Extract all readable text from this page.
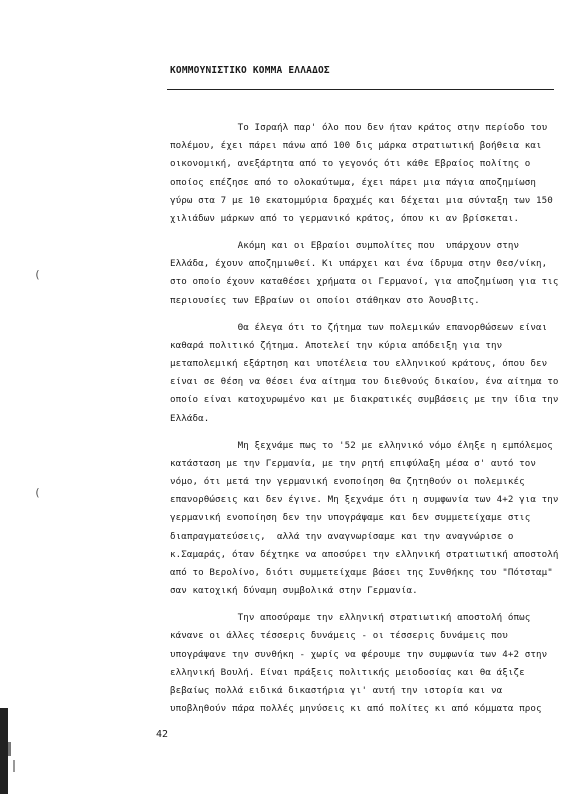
ΚΟΜΜΟΥΝΙΣΤΙΚΟ ΚΟΜΜΑ ΕΛΛΑΔΟΣ
Το Ισραήλ παρ' όλο που δεν ήταν κράτος στην περίοδο του
πολέμου, έχει πάρει πάνω από 100 δις μάρκα στρατιωτική βοήθεια και
οικονομική, ανεξάρτητα από το γεγονός ότι κάθε Εβραίος πολίτης ο
οποίος επέζησε από το ολοκαύτωμα, έχει πάρει μια πάγια αποζημίωση
γύρω στα 7 με 10 εκατομμύρια δραχμές και δέχεται μια σύνταξη των 150
χιλιάδων μάρκων από το γερμανικό κράτος, όπου κι αν βρίσκεται.
Ακόμη και οι Εβραίοι συμπολίτες που  υπάρχουν στην
Ελλάδα, έχουν αποζημιωθεί. Κι υπάρχει και ένα ίδρυμα στην Θεσ/νίκη,
στο οποίο έχουν καταθέσει χρήματα οι Γερμανοί, για αποζημίωση για τις
περιουσίες των Εβραίων οι οποίοι στάθηκαν στο Άουσβιτς.
Θα έλεγα ότι το ζήτημα των πολεμικών επανορθώσεων είναι
καθαρά πολιτικό ζήτημα. Αποτελεί την κύρια απόδειξη για την
μεταπολεμική εξάρτηση και υποτέλεια του ελληνικού κράτους, όπου δεν
είναι σε θέση να θέσει ένα αίτημα του διεθνούς δικαίου, ένα αίτημα το
οποίο είναι κατοχυρωμένο και με διακρατικές συμβάσεις με την ίδια την
Ελλάδα.
Μη ξεχνάμε πως το '52 με ελληνικό νόμο έληξε η εμπόλεμος
κατάσταση με την Γερμανία, με την ρητή επιφύλαξη μέσα σ' αυτό τον
νόμο, ότι μετά την γερμανική ενοποίηση θα ζητηθούν οι πολεμικές
επανορθώσεις και δεν έγινε. Μη ξεχνάμε ότι η συμφωνία των 4+2 για την
γερμανική ενοποίηση δεν την υπογράψαμε και δεν συμμετείχαμε στις
διαπραγματεύσεις,  αλλά την αναγνωρίσαμε και την αναγνώρισε ο
κ.Σαμαράς, όταν δέχτηκε να αποσύρει την ελληνική στρατιωτική αποστολή
από το Βερολίνο, διότι συμμετείχαμε βάσει της Συνθήκης του "Πότσταμ"
σαν κατοχική δύναμη συμβολικά στην Γερμανία.
Την αποσύραμε την ελληνική στρατιωτική αποστολή όπως
κάνανε οι άλλες τέσσερις δυνάμεις - οι τέσσερις δυνάμεις που
υπογράψανε την συνθήκη - χωρίς να φέρουμε την συμφωνία των 4+2 στην
ελληνική Βουλή. Είναι πράξεις πολιτικής μειοδοσίας και θα άξιζε
βεβαίως πολλά ειδικά δικαστήρια γι' αυτή την ιστορία και να
υποβληθούν πάρα πολλές μηνύσεις κι από πολίτες κι από κόμματα προς
42
(
(
